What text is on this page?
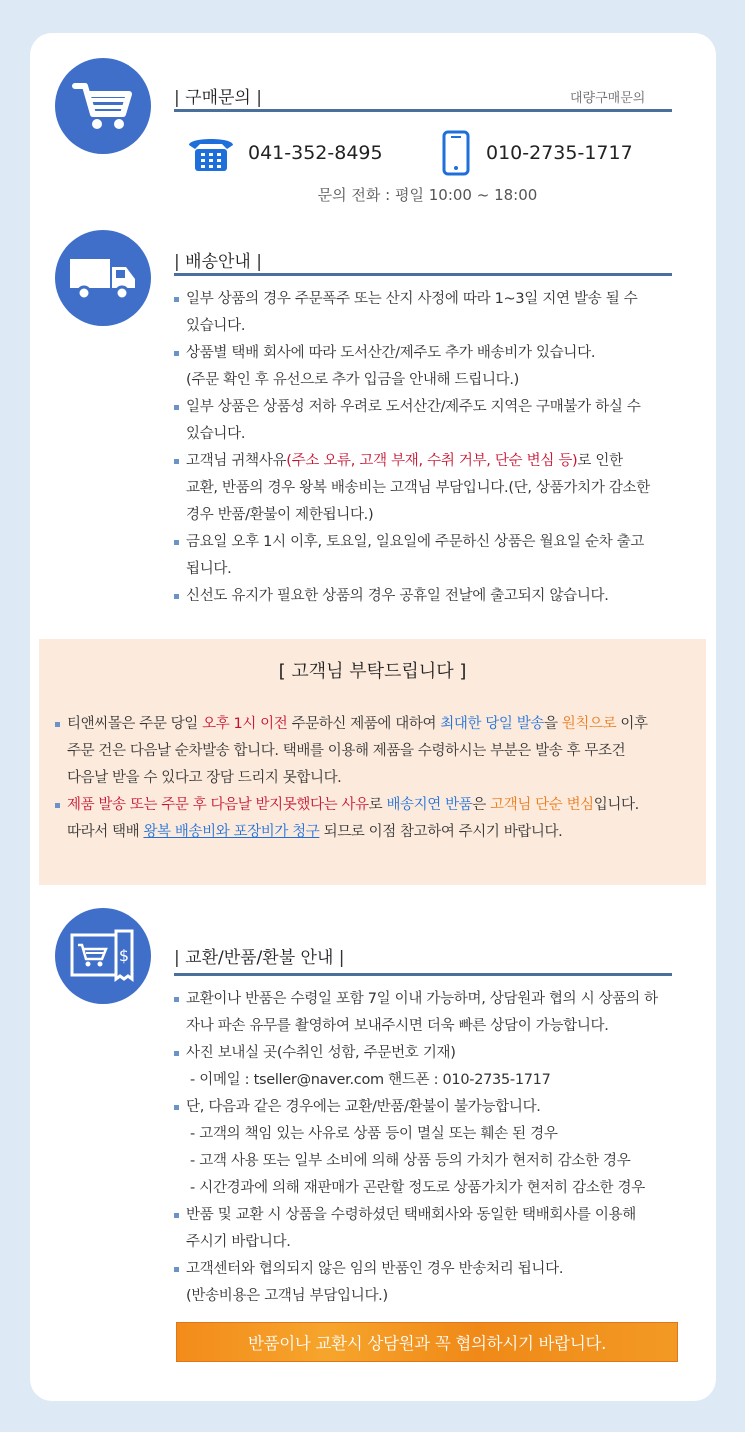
| 구매문의 |	대량구매문의
041-352-8495	010-2735-1717
문의 전화 : 평일 10:00 ~ 18:00
| 배송안내 |
일부 상품의 경우 주문폭주 또는 산지 사정에 따라 1~3일 지연 발송 될 수
있습니다.
상품별 택배 회사에 따라 도서산간/제주도 추가 배송비가 있습니다.
(주문 확인 후 유선으로 추가 입금을 안내해 드립니다.)
일부 상품은 상품성 저하 우려로 도서산간/제주도 지역은 구매불가 하실 수
있습니다.
고객님 귀책사유(주소 오류, 고객 부재, 수취 거부, 단순 변심 등)로 인한
교환, 반품의 경우 왕복 배송비는 고객님 부담입니다.(단, 상품가치가 감소한
경우 반품/환불이 제한됩니다.)
금요일 오후 1시 이후, 토요일, 일요일에 주문하신 상품은 월요일 순차 출고
됩니다.
신선도 유지가 필요한 상품의 경우 공휴일 전날에 출고되지 않습니다.
[ 고객님 부탁드립니다 ]
티앤씨몰은 주문 당일 오후 1시 이전 주문하신 제품에 대하여 최대한 당일 발송을 원칙으로 이후
주문 건은 다음날 순차발송 합니다. 택배를 이용해 제품을 수령하시는 부분은 발송 후 무조건
다음날 받을 수 있다고 장담 드리지 못합니다.
제품 발송 또는 주문 후 다음날 받지못했다는 사유로 배송지연 반품은 고객님 단순 변심입니다.
따라서 택배 왕복 배송비와 포장비가 청구 되므로 이점 참고하여 주시기 바랍니다.
$	| 교환/반품/환불 안내 |
교환이나 반품은 수령일 포함 7일 이내 가능하며, 상담원과 협의 시 상품의 하
자나 파손 유무를 촬영하여 보내주시면 더욱 빠른 상담이 가능합니다.
사진 보내실 곳(수취인 성함, 주문번호 기재)
- 이메일 : tseller@naver.com 핸드폰 : 010-2735-1717
단, 다음과 같은 경우에는 교환/반품/환불이 불가능합니다.
- 고객의 책임 있는 사유로 상품 등이 멸실 또는 훼손 된 경우
- 고객 사용 또는 일부 소비에 의해 상품 등의 가치가 현저히 감소한 경우
- 시간경과에 의해 재판매가 곤란할 정도로 상품가치가 현저히 감소한 경우
반품 및 교환 시 상품을 수령하셨던 택배회사와 동일한 택배회사를 이용해
주시기 바랍니다.
고객센터와 협의되지 않은 임의 반품인 경우 반송처리 됩니다.
(반송비용은 고객님 부담입니다.)
반품이나 교환시 상담원과 꼭 협의하시기 바랍니다.
